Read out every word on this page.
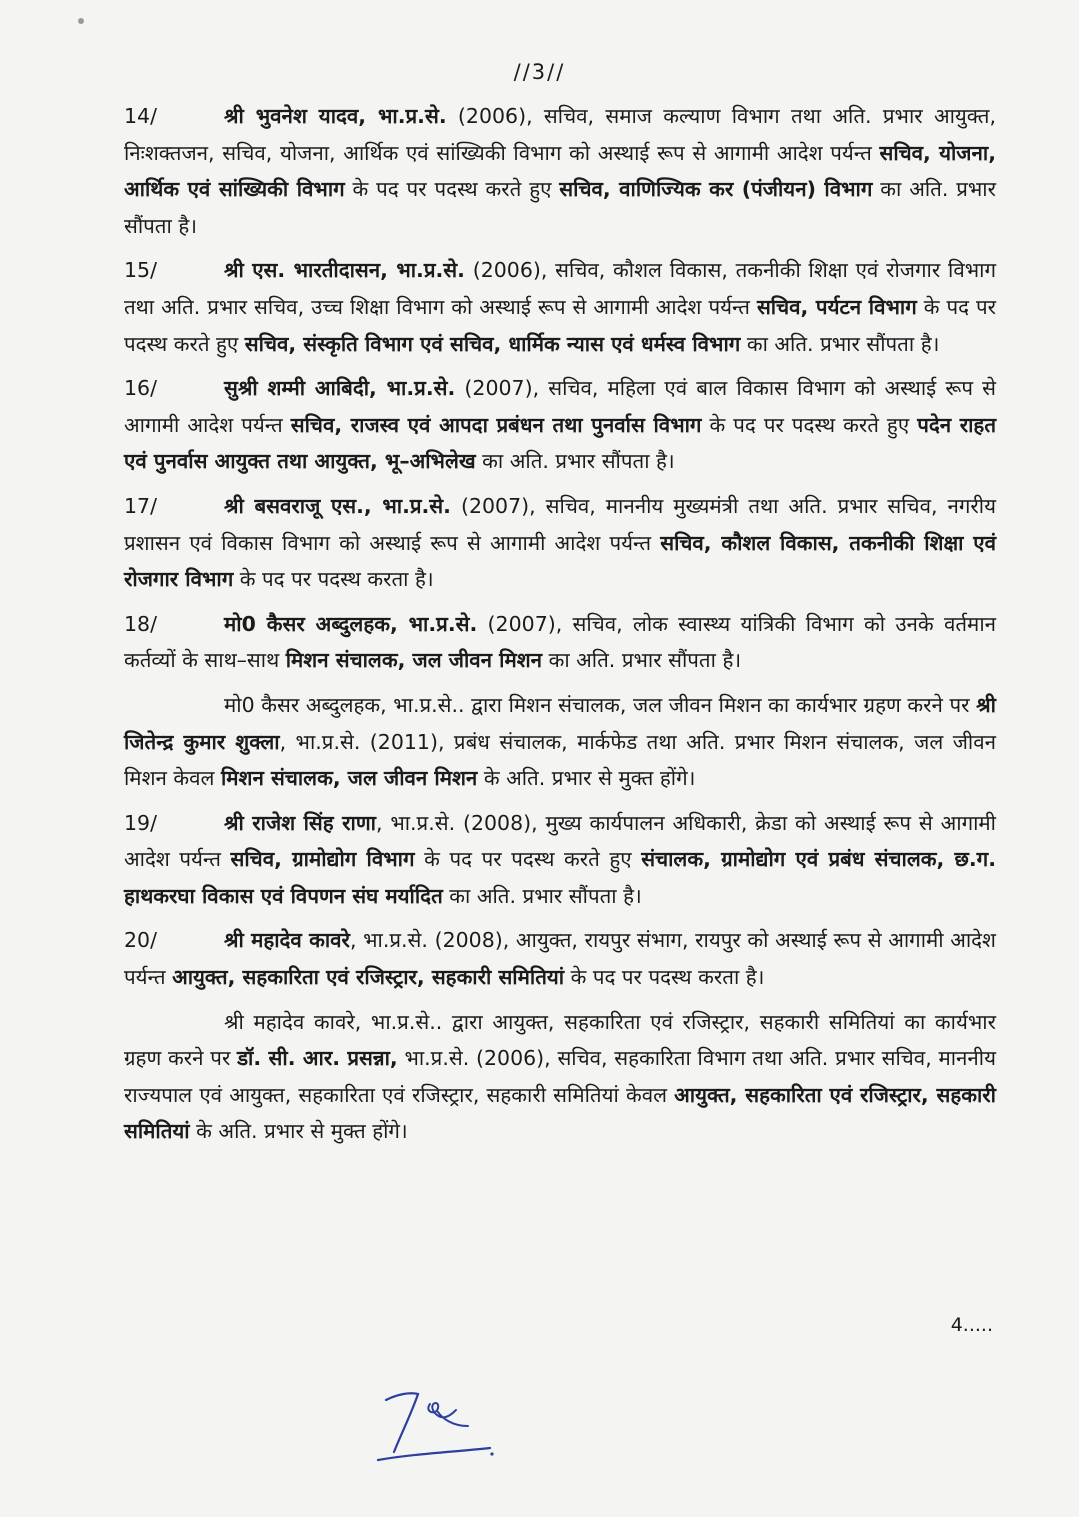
//3//

14/	श्री भुवनेश यादव, भा.प्र.से. (2006), सचिव, समाज कल्याण विभाग तथा अति. प्रभार आयुक्त, निःशक्तजन, सचिव, योजना, आर्थिक एवं सांख्यिकी विभाग को अस्थाई रूप से आगामी आदेश पर्यन्त सचिव, योजना, आर्थिक एवं सांख्यिकी विभाग के पद पर पदस्थ करते हुए सचिव, वाणिज्यिक कर (पंजीयन) विभाग का अति. प्रभार सौंपता है।

15/	श्री एस. भारतीदासन, भा.प्र.से. (2006), सचिव, कौशल विकास, तकनीकी शिक्षा एवं रोजगार विभाग तथा अति. प्रभार सचिव, उच्च शिक्षा विभाग को अस्थाई रूप से आगामी आदेश पर्यन्त सचिव, पर्यटन विभाग के पद पर पदस्थ करते हुए सचिव, संस्कृति विभाग एवं सचिव, धार्मिक न्यास एवं धर्मस्व विभाग का अति. प्रभार सौंपता है।

16/	सुश्री शम्मी आबिदी, भा.प्र.से. (2007), सचिव, महिला एवं बाल विकास विभाग को अस्थाई रूप से आगामी आदेश पर्यन्त सचिव, राजस्व एवं आपदा प्रबंधन तथा पुनर्वास विभाग के पद पर पदस्थ करते हुए पदेन राहत एवं पुनर्वास आयुक्त तथा आयुक्त, भू–अभिलेख का अति. प्रभार सौंपता है।

17/	श्री बसवराजू एस., भा.प्र.से. (2007), सचिव, माननीय मुख्यमंत्री तथा अति. प्रभार सचिव, नगरीय प्रशासन एवं विकास विभाग को अस्थाई रूप से आगामी आदेश पर्यन्त सचिव, कौशल विकास, तकनीकी शिक्षा एवं रोजगार विभाग के पद पर पदस्थ करता है।

18/	मो0 कैसर अब्दुलहक, भा.प्र.से. (2007), सचिव, लोक स्वास्थ्य यांत्रिकी विभाग को उनके वर्तमान कर्तव्यों के साथ–साथ मिशन संचालक, जल जीवन मिशन का अति. प्रभार सौंपता है।

मो0 कैसर अब्दुलहक, भा.प्र.से.. द्वारा मिशन संचालक, जल जीवन मिशन का कार्यभार ग्रहण करने पर श्री जितेन्द्र कुमार शुक्ला, भा.प्र.से. (2011), प्रबंध संचालक, मार्कफेड तथा अति. प्रभार मिशन संचालक, जल जीवन मिशन केवल मिशन संचालक, जल जीवन मिशन के अति. प्रभार से मुक्त होंगे।

19/	श्री राजेश सिंह राणा, भा.प्र.से. (2008), मुख्य कार्यपालन अधिकारी, क्रेडा को अस्थाई रूप से आगामी आदेश पर्यन्त सचिव, ग्रामोद्योग विभाग के पद पर पदस्थ करते हुए संचालक, ग्रामोद्योग एवं प्रबंध संचालक, छ.ग. हाथकरघा विकास एवं विपणन संघ मर्यादित का अति. प्रभार सौंपता है।

20/	श्री महादेव कावरे, भा.प्र.से. (2008), आयुक्त, रायपुर संभाग, रायपुर को अस्थाई रूप से आगामी आदेश पर्यन्त आयुक्त, सहकारिता एवं रजिस्ट्रार, सहकारी समितियां के पद पर पदस्थ करता है।

श्री महादेव कावरे, भा.प्र.से.. द्वारा आयुक्त, सहकारिता एवं रजिस्ट्रार, सहकारी समितियां का कार्यभार ग्रहण करने पर डॉ. सी. आर. प्रसन्ना, भा.प्र.से. (2006), सचिव, सहकारिता विभाग तथा अति. प्रभार सचिव, माननीय राज्यपाल एवं आयुक्त, सहकारिता एवं रजिस्ट्रार, सहकारी समितियां केवल आयुक्त, सहकारिता एवं रजिस्ट्रार, सहकारी समितियां के अति. प्रभार से मुक्त होंगे।

4.....
